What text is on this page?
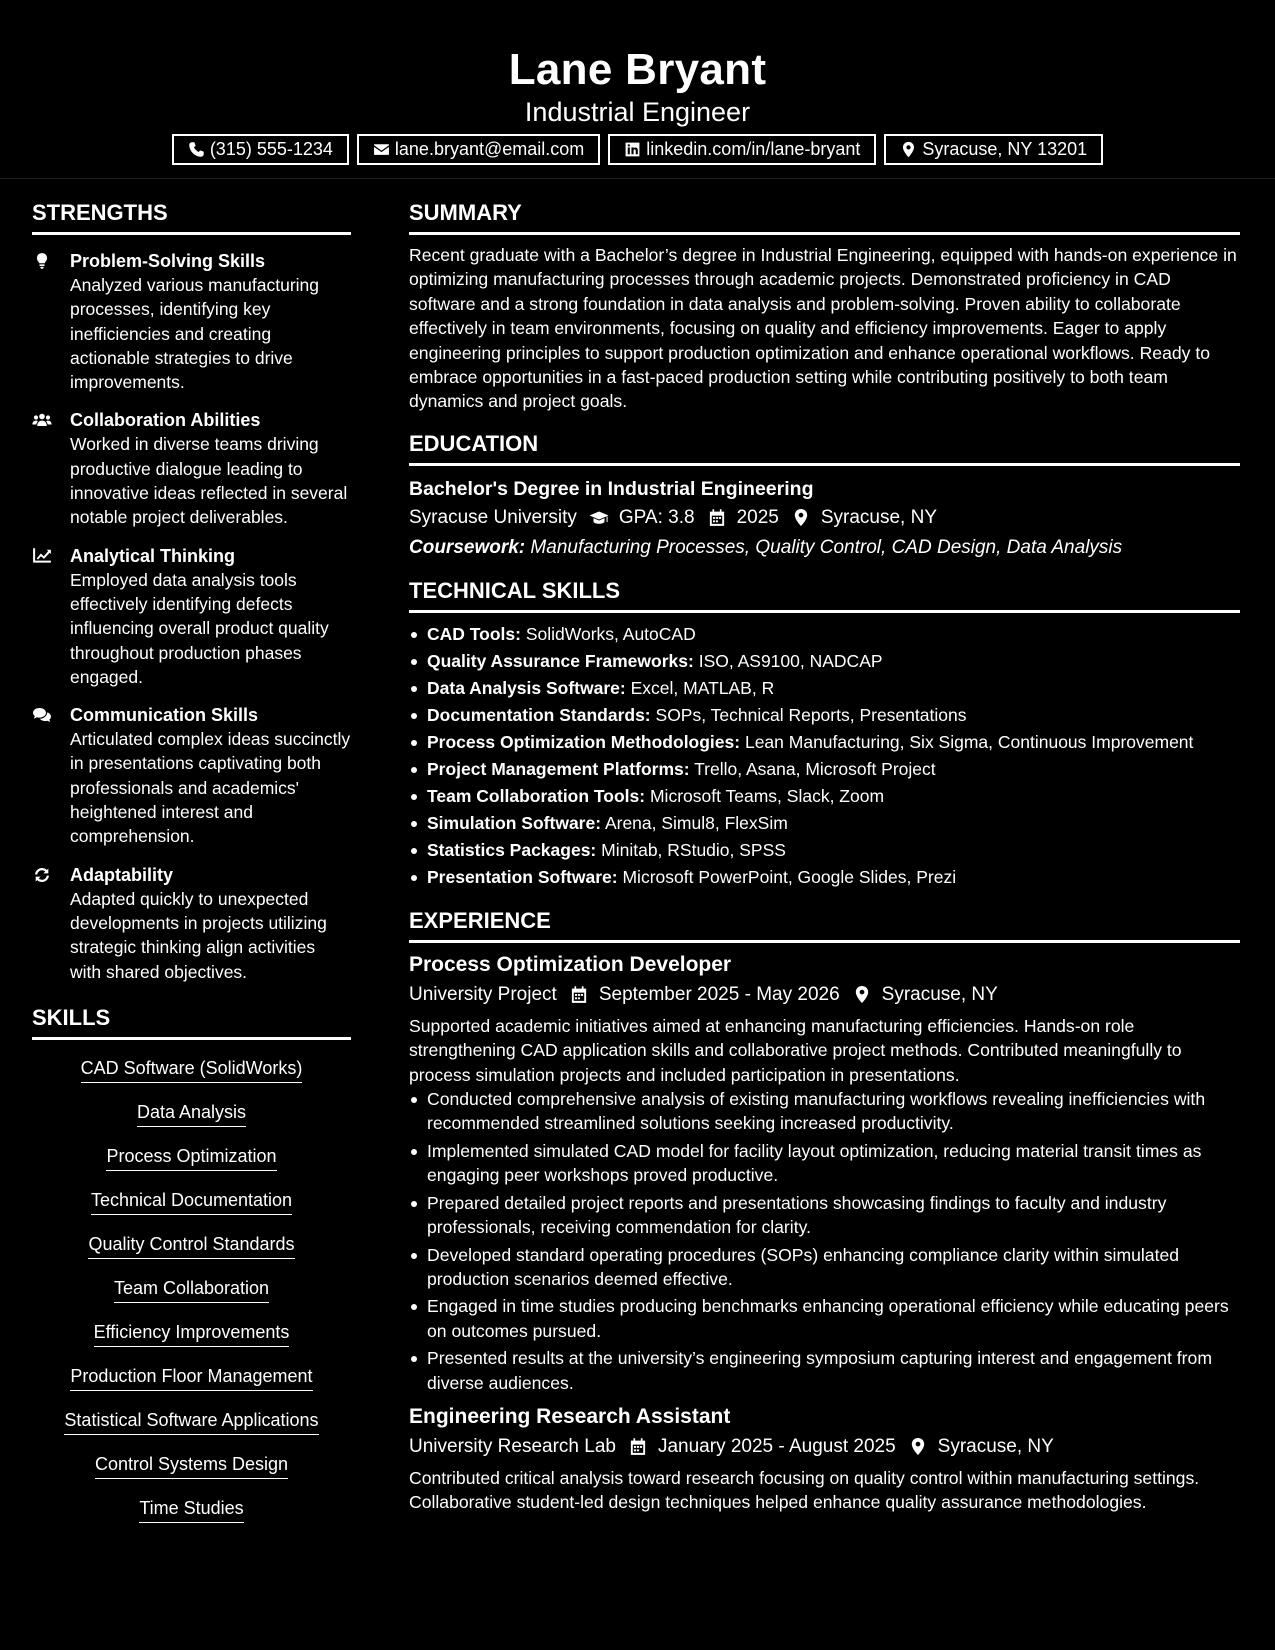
Lane Bryant
Industrial Engineer
(315) 555-1234	lane.bryant@email.com	linkedin.com/in/lane-bryant	Syracuse, NY 13201
STRENGTHS
Problem-Solving Skills
Analyzed various manufacturing processes, identifying key inefficiencies and creating actionable strategies to drive improvements.
Collaboration Abilities
Worked in diverse teams driving productive dialogue leading to innovative ideas reflected in several notable project deliverables.
Analytical Thinking
Employed data analysis tools effectively identifying defects influencing overall product quality throughout production phases engaged.
Communication Skills
Articulated complex ideas succinctly in presentations captivating both professionals and academics' heightened interest and comprehension.
Adaptability
Adapted quickly to unexpected developments in projects utilizing strategic thinking align activities with shared objectives.
SKILLS
CAD Software (SolidWorks)
Data Analysis
Process Optimization
Technical Documentation
Quality Control Standards
Team Collaboration
Efficiency Improvements
Production Floor Management
Statistical Software Applications
Control Systems Design
Time Studies
SUMMARY
Recent graduate with a Bachelor’s degree in Industrial Engineering, equipped with hands-on experience in optimizing manufacturing processes through academic projects. Demonstrated proficiency in CAD software and a strong foundation in data analysis and problem-solving. Proven ability to collaborate effectively in team environments, focusing on quality and efficiency improvements. Eager to apply engineering principles to support production optimization and enhance operational workflows. Ready to embrace opportunities in a fast-paced production setting while contributing positively to both team dynamics and project goals.
EDUCATION
Bachelor's Degree in Industrial Engineering
Syracuse University GPA: 3.8 2025 Syracuse, NY
Coursework: Manufacturing Processes, Quality Control, CAD Design, Data Analysis
TECHNICAL SKILLS
CAD Tools: SolidWorks, AutoCAD
Quality Assurance Frameworks: ISO, AS9100, NADCAP
Data Analysis Software: Excel, MATLAB, R
Documentation Standards: SOPs, Technical Reports, Presentations
Process Optimization Methodologies: Lean Manufacturing, Six Sigma, Continuous Improvement
Project Management Platforms: Trello, Asana, Microsoft Project
Team Collaboration Tools: Microsoft Teams, Slack, Zoom
Simulation Software: Arena, Simul8, FlexSim
Statistics Packages: Minitab, RStudio, SPSS
Presentation Software: Microsoft PowerPoint, Google Slides, Prezi
EXPERIENCE
Process Optimization Developer
University Project September 2025 - May 2026 Syracuse, NY
Supported academic initiatives aimed at enhancing manufacturing efficiencies. Hands-on role strengthening CAD application skills and collaborative project methods. Contributed meaningfully to process simulation projects and included participation in presentations.
Conducted comprehensive analysis of existing manufacturing workflows revealing inefficiencies with recommended streamlined solutions seeking increased productivity.
Implemented simulated CAD model for facility layout optimization, reducing material transit times as engaging peer workshops proved productive.
Prepared detailed project reports and presentations showcasing findings to faculty and industry professionals, receiving commendation for clarity.
Developed standard operating procedures (SOPs) enhancing compliance clarity within simulated production scenarios deemed effective.
Engaged in time studies producing benchmarks enhancing operational efficiency while educating peers on outcomes pursued.
Presented results at the university’s engineering symposium capturing interest and engagement from diverse audiences.
Engineering Research Assistant
University Research Lab January 2025 - August 2025 Syracuse, NY
Contributed critical analysis toward research focusing on quality control within manufacturing settings. Collaborative student-led design techniques helped enhance quality assurance methodologies.
